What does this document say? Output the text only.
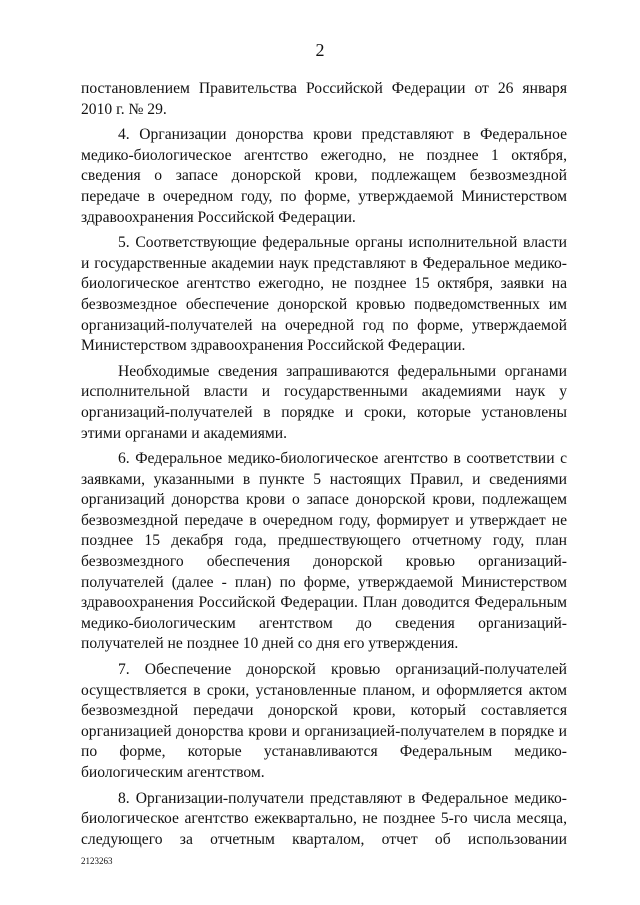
2

постановлением Правительства Российской Федерации от 26 января 2010 г. № 29.

4. Организации донорства крови представляют в Федеральное медико-биологическое агентство ежегодно, не позднее 1 октября, сведения о запасе донорской крови, подлежащем безвозмездной передаче в очередном году, по форме, утверждаемой Министерством здравоохранения Российской Федерации.

5. Соответствующие федеральные органы исполнительной власти и государственные академии наук представляют в Федеральное медико-биологическое агентство ежегодно, не позднее 15 октября, заявки на безвозмездное обеспечение донорской кровью подведомственных им организаций-получателей на очередной год по форме, утверждаемой Министерством здравоохранения Российской Федерации.

Необходимые сведения запрашиваются федеральными органами исполнительной власти и государственными академиями наук у организаций-получателей в порядке и сроки, которые установлены этими органами и академиями.

6. Федеральное медико-биологическое агентство в соответствии с заявками, указанными в пункте 5 настоящих Правил, и сведениями организаций донорства крови о запасе донорской крови, подлежащем безвозмездной передаче в очередном году, формирует и утверждает не позднее 15 декабря года, предшествующего отчетному году, план безвозмездного обеспечения донорской кровью организаций-получателей (далее - план) по форме, утверждаемой Министерством здравоохранения Российской Федерации. План доводится Федеральным медико-биологическим агентством до сведения организаций-получателей не позднее 10 дней со дня его утверждения.

7. Обеспечение донорской кровью организаций-получателей осуществляется в сроки, установленные планом, и оформляется актом безвозмездной передачи донорской крови, который составляется организацией донорства крови и организацией-получателем в порядке и по форме, которые устанавливаются Федеральным медико-биологическим агентством.

8. Организации-получатели представляют в Федеральное медико-биологическое агентство ежеквартально, не позднее 5-го числа месяца, следующего за отчетным кварталом, отчет об использовании

2123263
